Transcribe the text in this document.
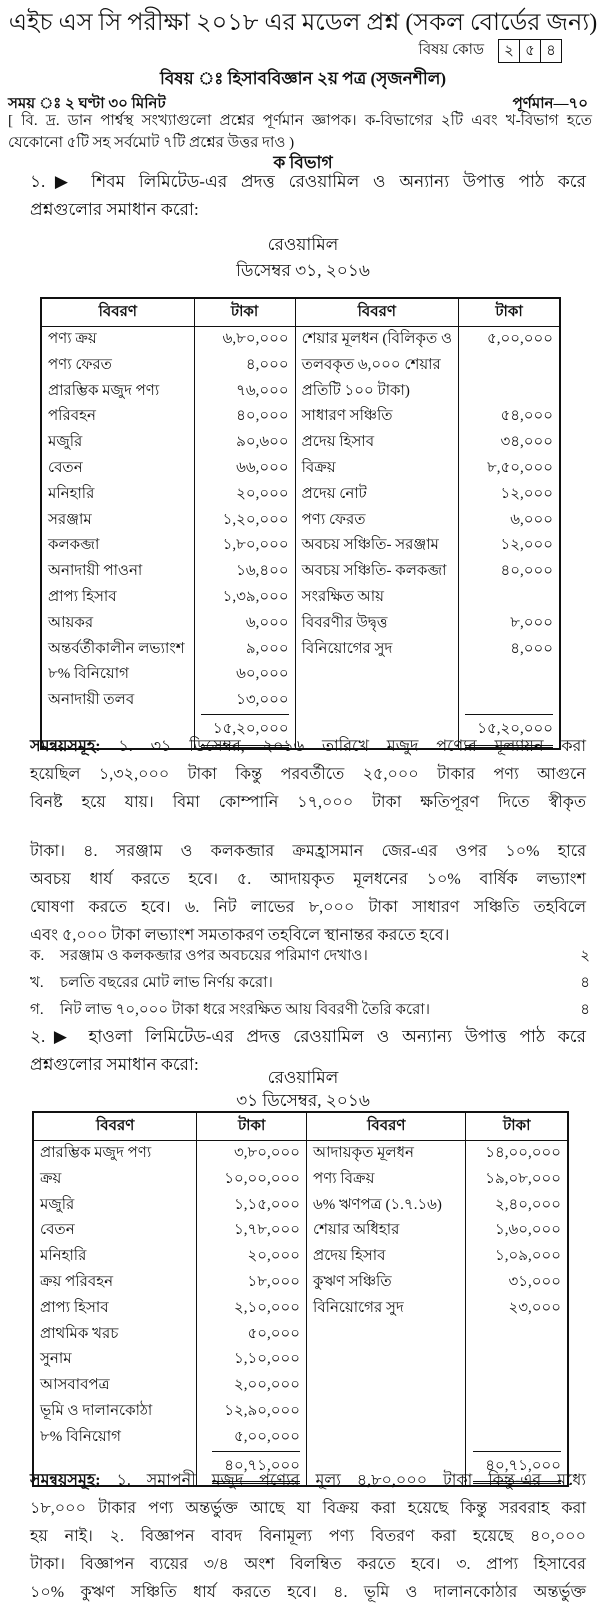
এইচ এস সি পরীক্ষা ২০১৮ এর মডেল প্রশ্ন (সকল বোর্ডের জন্য)
বিষয় কোড	২ ৫ ৪
বিষয় ঃ হিসাববিজ্ঞান ২য় পত্র (সৃজনশীল)
সময় ঃ ২ ঘণ্টা ৩০ মিনিট	পূর্ণমান—৭০
[ বি. দ্র. ডান পার্শ্বস্থ সংখ্যাগুলো প্রশ্নের পূর্ণমান জ্ঞাপক। ক-বিভাগের ২টি এবং খ-বিভাগ হতে
যেকোনো ৫টি সহ সর্বমোট ৭টি প্রশ্নের উত্তর দাও )
ক বিভাগ
১.▶ শিবম লিমিটেড-এর প্রদত্ত রেওয়ামিল ও অন্যান্য উপাত্ত পাঠ করে
প্রশ্নগুলোর সমাধান করো:
রেওয়ামিল
ডিসেম্বর ৩১, ২০১৬
বিবরণ	টাকা	বিবরণ	টাকা
পণ্য ক্রয়	৬,৮০,০০০	শেয়ার মূলধন (বিলিকৃত ও	৫,০০,০০০
পণ্য ফেরত	৪,০০০	তলবকৃত ৬,০০০ শেয়ার	
প্রারম্ভিক মজুদ পণ্য	৭৬,০০০	প্রতিটি ১০০ টাকা)	
পরিবহন	৪০,০০০	সাধারণ সঞ্চিতি	৫৪,০০০
মজুরি	৯০,৬০০	প্রদেয় হিসাব	৩৪,০০০
বেতন	৬৬,০০০	বিক্রয়	৮,৫০,০০০
মনিহারি	২০,০০০	প্রদেয় নোট	১২,০০০
সরঞ্জাম	১,২০,০০০	পণ্য ফেরত	৬,০০০
কলকব্জা	১,৮০,০০০	অবচয় সঞ্চিতি- সরঞ্জাম	১২,০০০
অনাদায়ী পাওনা	১৬,৪০০	অবচয় সঞ্চিতি- কলকব্জা	৪০,০০০
প্রাপ্য হিসাব	১,৩৯,০০০	সংরক্ষিত আয়	
আয়কর	৬,০০০	বিবরণীর উদ্বৃত্ত	৮,০০০
অন্তর্বর্তীকালীন লভ্যাংশ	৯,০০০	বিনিয়োগের সুদ	৪,০০০
৮% বিনিয়োগ	৬০,০০০		
অনাদায়ী তলব	১৩,০০০		
	১৫,২০,০০০		১৫,২০,০০০
সমন্বয়সমূহ: ১. ৩১ ডিসেম্বর, ২০১৬ তারিখে মজুদ পণ্যের মূল্যায়ন করা
হয়েছিল ১,৩২,০০০ টাকা কিন্তু পরবর্তীতে ২৫,০০০ টাকার পণ্য আগুনে
বিনষ্ট হয়ে যায়। বিমা কোম্পানি ১৭,০০০ টাকা ক্ষতিপূরণ দিতে স্বীকৃত
টাকা। ৪. সরঞ্জাম ও কলকব্জার ক্রমহ্রাসমান জের-এর ওপর ১০% হারে
অবচয় ধার্য করতে হবে। ৫. আদায়কৃত মূলধনের ১০% বার্ষিক লভ্যাংশ
ঘোষণা করতে হবে। ৬. নিট লাভের ৮,০০০ টাকা সাধারণ সঞ্চিতি তহবিলে
এবং ৫,০০০ টাকা লভ্যাংশ সমতাকরণ তহবিলে স্থানান্তর করতে হবে।
ক.	সরঞ্জাম ও কলকব্জার ওপর অবচয়ের পরিমাণ দেখাও।	২
খ.	চলতি বছরের মোট লাভ নির্ণয় করো।	৪
গ.	নিট লাভ ৭০,০০০ টাকা ধরে সংরক্ষিত আয় বিবরণী তৈরি করো।	৪
২.▶ হাওলা লিমিটেড-এর প্রদত্ত রেওয়ামিল ও অন্যান্য উপাত্ত পাঠ করে
প্রশ্নগুলোর সমাধান করো:
রেওয়ামিল
৩১ ডিসেম্বর, ২০১৬
বিবরণ	টাকা	বিবরণ	টাকা
প্রারম্ভিক মজুদ পণ্য	৩,৮০,০০০	আদায়কৃত মূলধন	১৪,০০,০০০
ক্রয়	১০,০০,০০০	পণ্য বিক্রয়	১৯,০৮,০০০
মজুরি	১,১৫,০০০	৬% ঋণপত্র (১.৭.১৬)	২,৪০,০০০
বেতন	১,৭৮,০০০	শেয়ার অধিহার	১,৬০,০০০
মনিহারি	২০,০০০	প্রদেয় হিসাব	১,০৯,০০০
ক্রয় পরিবহন	১৮,০০০	কুঋণ সঞ্চিতি	৩১,০০০
প্রাপ্য হিসাব	২,১০,০০০	বিনিয়োগের সুদ	২৩,০০০
প্রাথমিক খরচ	৫০,০০০		
সুনাম	১,১০,০০০		
আসবাবপত্র	২,০০,০০০		
ভূমি ও দালানকোঠা	১২,৯০,০০০		
৮% বিনিয়োগ	৫,০০,০০০		
	৪০,৭১,০০০		৪০,৭১,০০০
সমন্বয়সমূহ: ১. সমাপনী মজুদ পণ্যের মূল্য ৪,৮০,০০০ টাকা কিন্তু-এর মধ্যে
১৮,০০০ টাকার পণ্য অন্তর্ভুক্ত আছে যা বিক্রয় করা হয়েছে কিন্তু সরবরাহ করা
হয় নাই। ২. বিজ্ঞাপন বাবদ বিনামূল্য পণ্য বিতরণ করা হয়েছে ৪০,০০০
টাকা। বিজ্ঞাপন ব্যয়ের ৩/৪ অংশ বিলম্বিত করতে হবে। ৩. প্রাপ্য হিসাবের
১০% কুঋণ সঞ্চিতি ধার্য করতে হবে। ৪. ভূমি ও দালানকোঠার অন্তর্ভুক্ত
